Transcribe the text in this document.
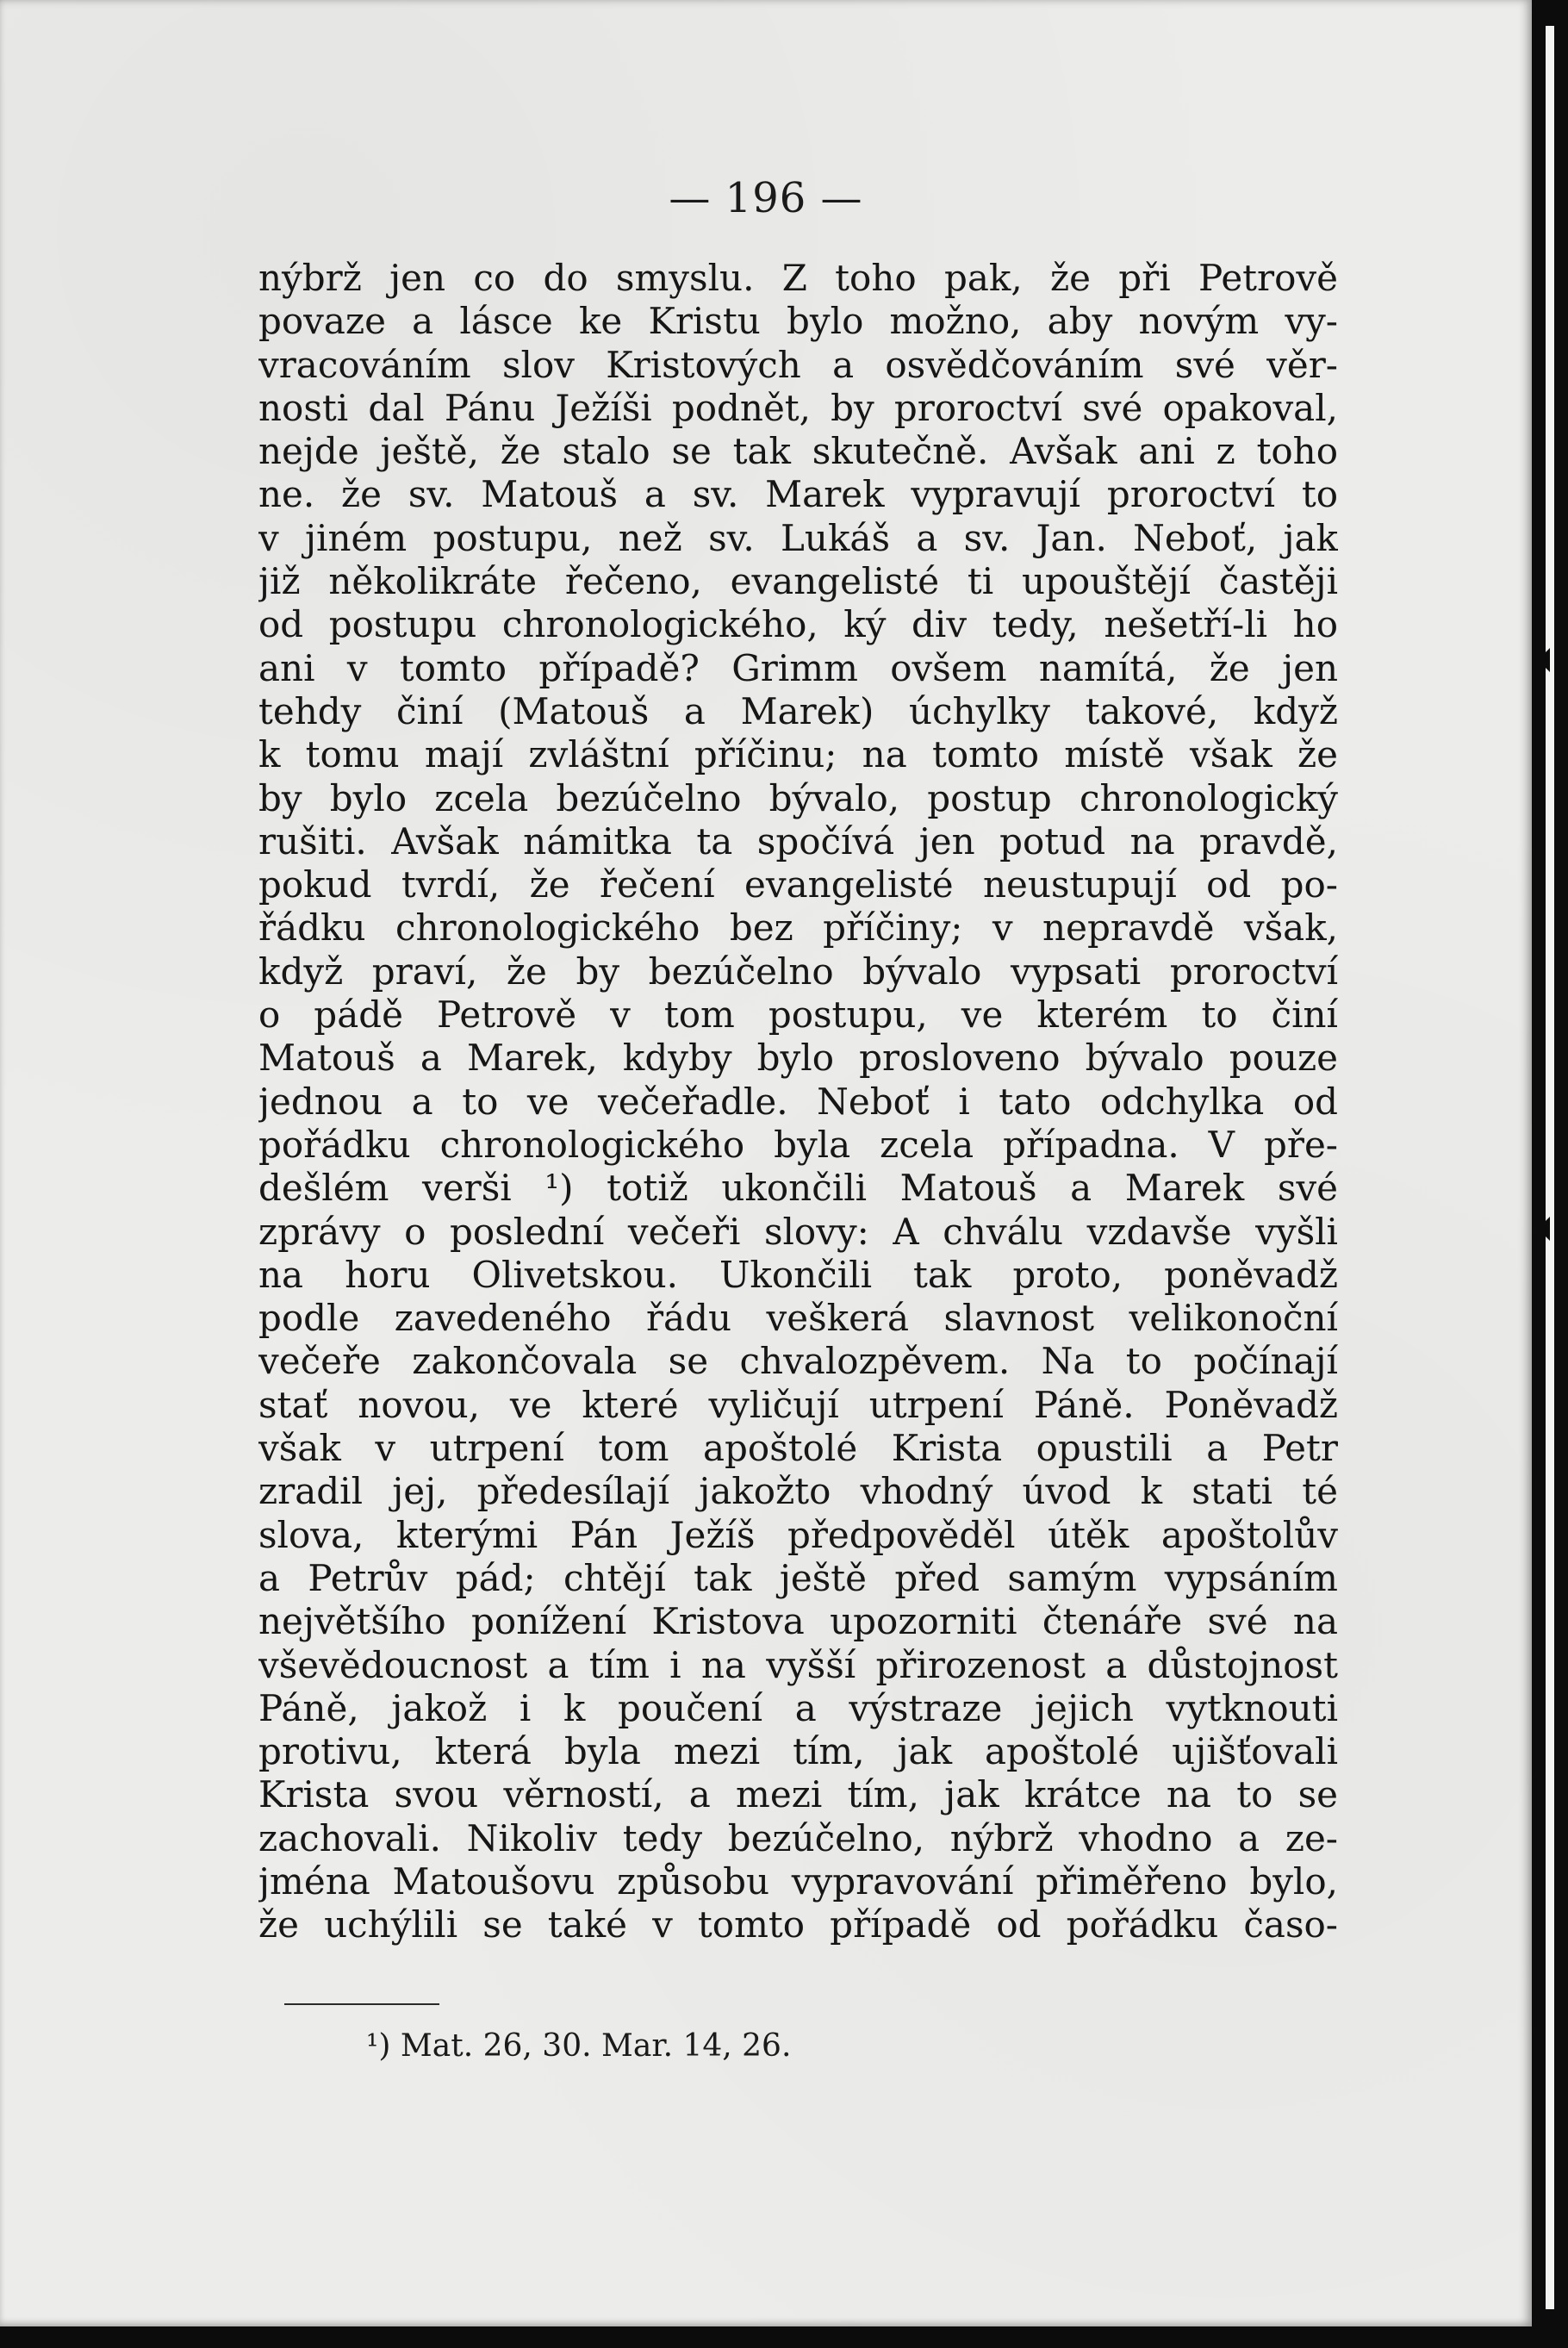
— 196 —
nýbrž jen co do smyslu. Z toho pak, že při Petrově
povaze a lásce ke Kristu bylo možno, aby novým vy-
vracováním slov Kristových a osvědčováním své věr-
nosti dal Pánu Ježíši podnět, by proroctví své opakoval,
nejde ještě, že stalo se tak skutečně. Avšak ani z toho
ne. že sv. Matouš a sv. Marek vypravují proroctví to
v jiném postupu, než sv. Lukáš a sv. Jan. Neboť, jak
již několikráte řečeno, evangelisté ti upouštějí častěji
od postupu chronologického, ký div tedy, nešetří-li ho
ani v tomto případě? Grimm ovšem namítá, že jen
tehdy činí (Matouš a Marek) úchylky takové, když
k tomu mají zvláštní příčinu; na tomto místě však že
by bylo zcela bezúčelno bývalo, postup chronologický
rušiti. Avšak námitka ta spočívá jen potud na pravdě,
pokud tvrdí, že řečení evangelisté neustupují od po-
řádku chronologického bez příčiny; v nepravdě však,
když praví, že by bezúčelno bývalo vypsati proroctví
o pádě Petrově v tom postupu, ve kterém to činí
Matouš a Marek, kdyby bylo prosloveno bývalo pouze
jednou a to ve večeřadle. Neboť i tato odchylka od
pořádku chronologického byla zcela případna. V pře-
dešlém verši ¹) totiž ukončili Matouš a Marek své
zprávy o poslední večeři slovy: A chválu vzdavše vyšli
na horu Olivetskou. Ukončili tak proto, poněvadž
podle zavedeného řádu veškerá slavnost velikonoční
večeře zakončovala se chvalozpěvem. Na to počínají
stať novou, ve které vyličují utrpení Páně. Poněvadž
však v utrpení tom apoštolé Krista opustili a Petr
zradil jej, předesílají jakožto vhodný úvod k stati té
slova, kterými Pán Ježíš předpověděl útěk apoštolův
a Petrův pád; chtějí tak ještě před samým vypsáním
největšího ponížení Kristova upozorniti čtenáře své na
vševědoucnost a tím i na vyšší přirozenost a důstojnost
Páně, jakož i k poučení a výstraze jejich vytknouti
protivu, která byla mezi tím, jak apoštolé ujišťovali
Krista svou věrností, a mezi tím, jak krátce na to se
zachovali. Nikoliv tedy bezúčelno, nýbrž vhodno a ze-
jména Matoušovu způsobu vypravování přiměřeno bylo,
že uchýlili se také v tomto případě od pořádku časo-
¹) Mat. 26, 30. Mar. 14, 26.
